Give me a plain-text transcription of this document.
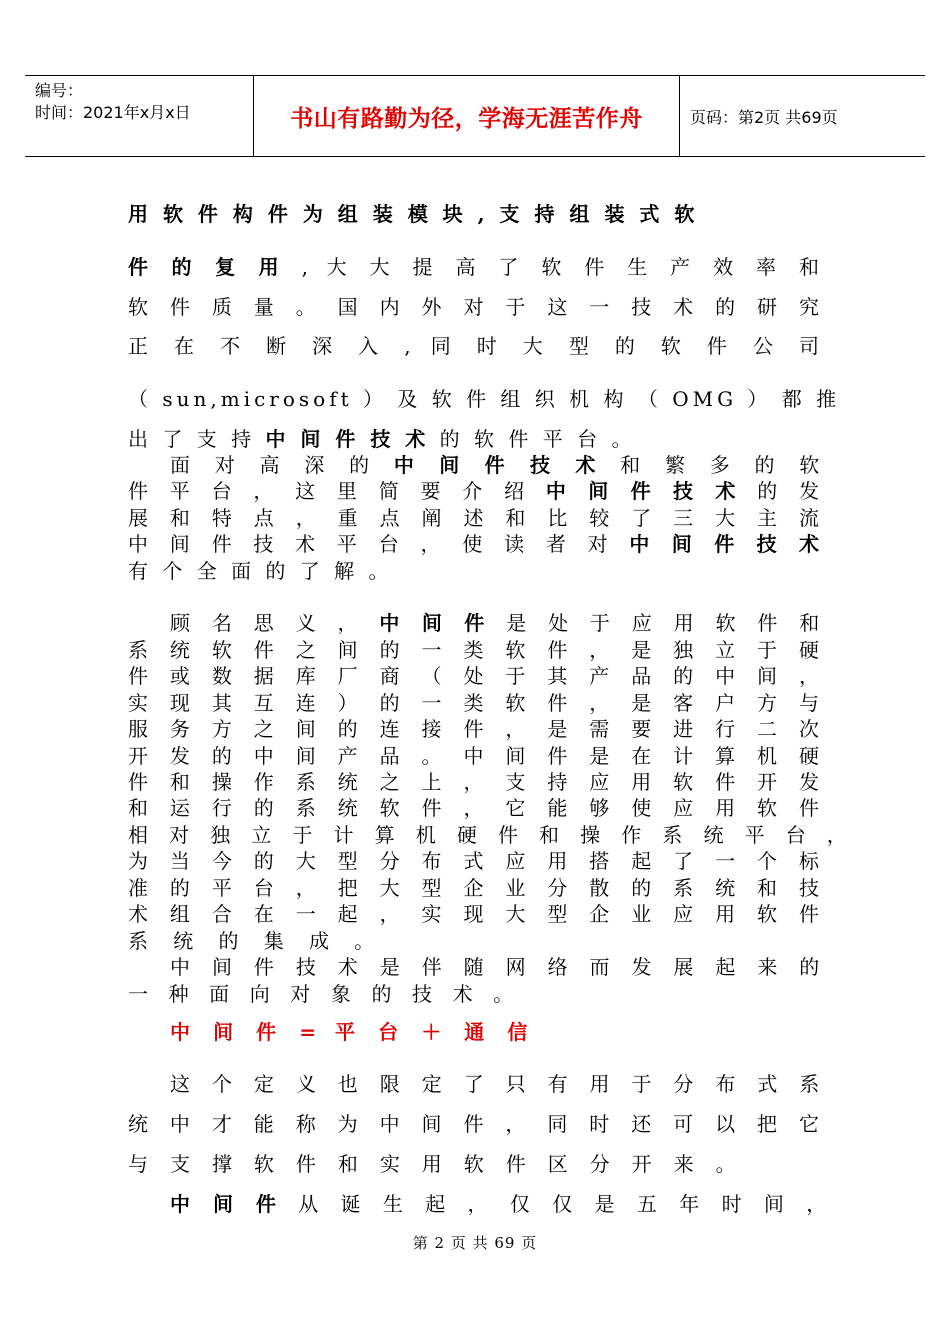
编号：
时间：2021年x月x日	书山有路勤为径，学海无涯苦作舟	页码：第2页 共69页
用 软 件 构 件 为 组 装 模 块 , 支 持 组 装 式 软
件 的 复 用 , 大 大 提 高 了 软 件 生 产 效 率 和
软 件 质 量 。 国 内 外 对 于 这 一 技 术 的 研 究
正 在 不 断 深 入 , 同 时 大 型 的 软 件 公 司
（ sun,microsoft ） 及 软 件 组 织 机 构 （ OMG ） 都 推
出 了 支 持 中 间 件 技 术 的 软 件 平 台 。
面 对 高 深 的 中 间 件 技 术 和 繁 多 的 软
件 平 台 ， 这 里 简 要 介 绍 中 间 件 技 术 的 发
展 和 特 点 ， 重 点 阐 述 和 比 较 了 三 大 主 流
中 间 件 技 术 平 台 ， 使 读 者 对 中 间 件 技 术
有 个 全 面 的 了 解 。
顾 名 思 义 ， 中 间 件 是 处 于 应 用 软 件 和
系 统 软 件 之 间 的 一 类 软 件 ， 是 独 立 于 硬
件 或 数 据 库 厂 商 （ 处 于 其 产 品 的 中 间 ，
实 现 其 互 连 ） 的 一 类 软 件 ， 是 客 户 方 与
服 务 方 之 间 的 连 接 件 ， 是 需 要 进 行 二 次
开 发 的 中 间 产 品 。 中 间 件 是 在 计 算 机 硬
件 和 操 作 系 统 之 上 ， 支 持 应 用 软 件 开 发
和 运 行 的 系 统 软 件 ， 它 能 够 使 应 用 软 件
相 对 独 立 于 计 算 机 硬 件 和 操 作 系 统 平 台 ，
为 当 今 的 大 型 分 布 式 应 用 搭 起 了 一 个 标
准 的 平 台 ， 把 大 型 企 业 分 散 的 系 统 和 技
术 组 合 在 一 起 ， 实 现 大 型 企 业 应 用 软 件
系 统 的 集 成 。
中 间 件 技 术 是 伴 随 网 络 而 发 展 起 来 的
一 种 面 向 对 象 的 技 术 。
中 间 件 = 平 台 ＋ 通 信
这 个 定 义 也 限 定 了 只 有 用 于 分 布 式 系
统 中 才 能 称 为 中 间 件 ， 同 时 还 可 以 把 它
与 支 撑 软 件 和 实 用 软 件 区 分 开 来 。
中 间 件 从 诞 生 起 ， 仅 仅 是 五 年 时 间 ，
第 2 页 共 69 页
